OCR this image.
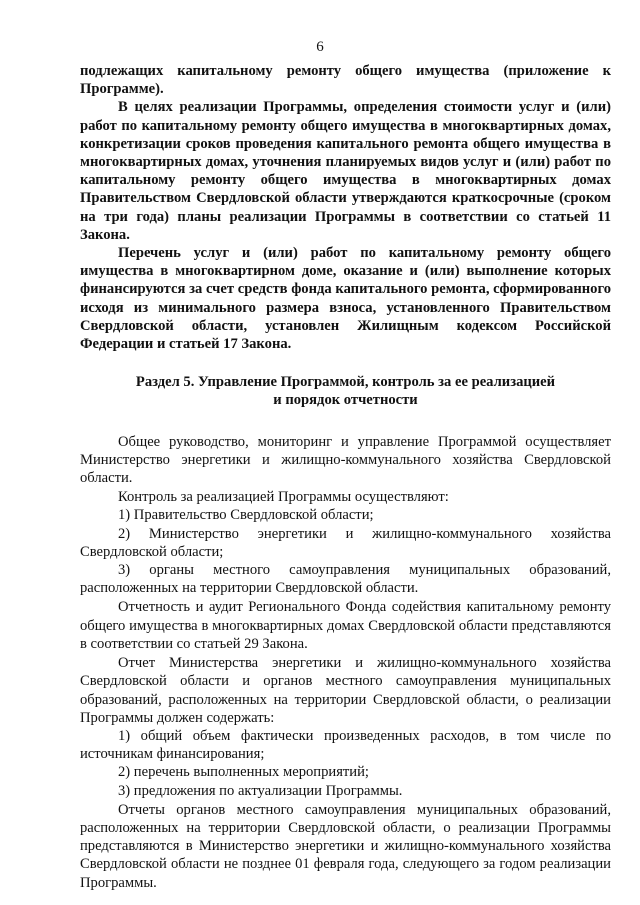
6

подлежащих капитальному ремонту общего имущества (приложение к Программе).

В целях реализации Программы, определения стоимости услуг и (или) работ по капитальному ремонту общего имущества в многоквартирных домах, конкретизации сроков проведения капитального ремонта общего имущества в многоквартирных домах, уточнения планируемых видов услуг и (или) работ по капитальному ремонту общего имущества в многоквартирных домах Правительством Свердловской области утверждаются краткосрочные (сроком на три года) планы реализации Программы в соответствии со статьей 11 Закона.

Перечень услуг и (или) работ по капитальному ремонту общего имущества в многоквартирном доме, оказание и (или) выполнение которых финансируются за счет средств фонда капитального ремонта, сформированного исходя из минимального размера взноса, установленного Правительством Свердловской области, установлен Жилищным кодексом Российской Федерации и статьей 17 Закона.

Раздел 5. Управление Программой, контроль за ее реализацией
и порядок отчетности

Общее руководство, мониторинг и управление Программой осуществляет Министерство энергетики и жилищно-коммунального хозяйства Свердловской области.

Контроль за реализацией Программы осуществляют:

1) Правительство Свердловской области;

2) Министерство энергетики и жилищно-коммунального хозяйства Свердловской области;

3) органы местного самоуправления муниципальных образований, расположенных на территории Свердловской области.

Отчетность и аудит Регионального Фонда содействия капитальному ремонту общего имущества в многоквартирных домах Свердловской области представляются в соответствии со статьей 29 Закона.

Отчет Министерства энергетики и жилищно-коммунального хозяйства Свердловской области и органов местного самоуправления муниципальных образований, расположенных на территории Свердловской области, о реализации Программы должен содержать:

1) общий объем фактически произведенных расходов, в том числе по источникам финансирования;

2) перечень выполненных мероприятий;

3) предложения по актуализации Программы.

Отчеты органов местного самоуправления муниципальных образований, расположенных на территории Свердловской области, о реализации Программы представляются в Министерство энергетики и жилищно-коммунального хозяйства Свердловской области не позднее 01 февраля года, следующего за годом реализации Программы.
